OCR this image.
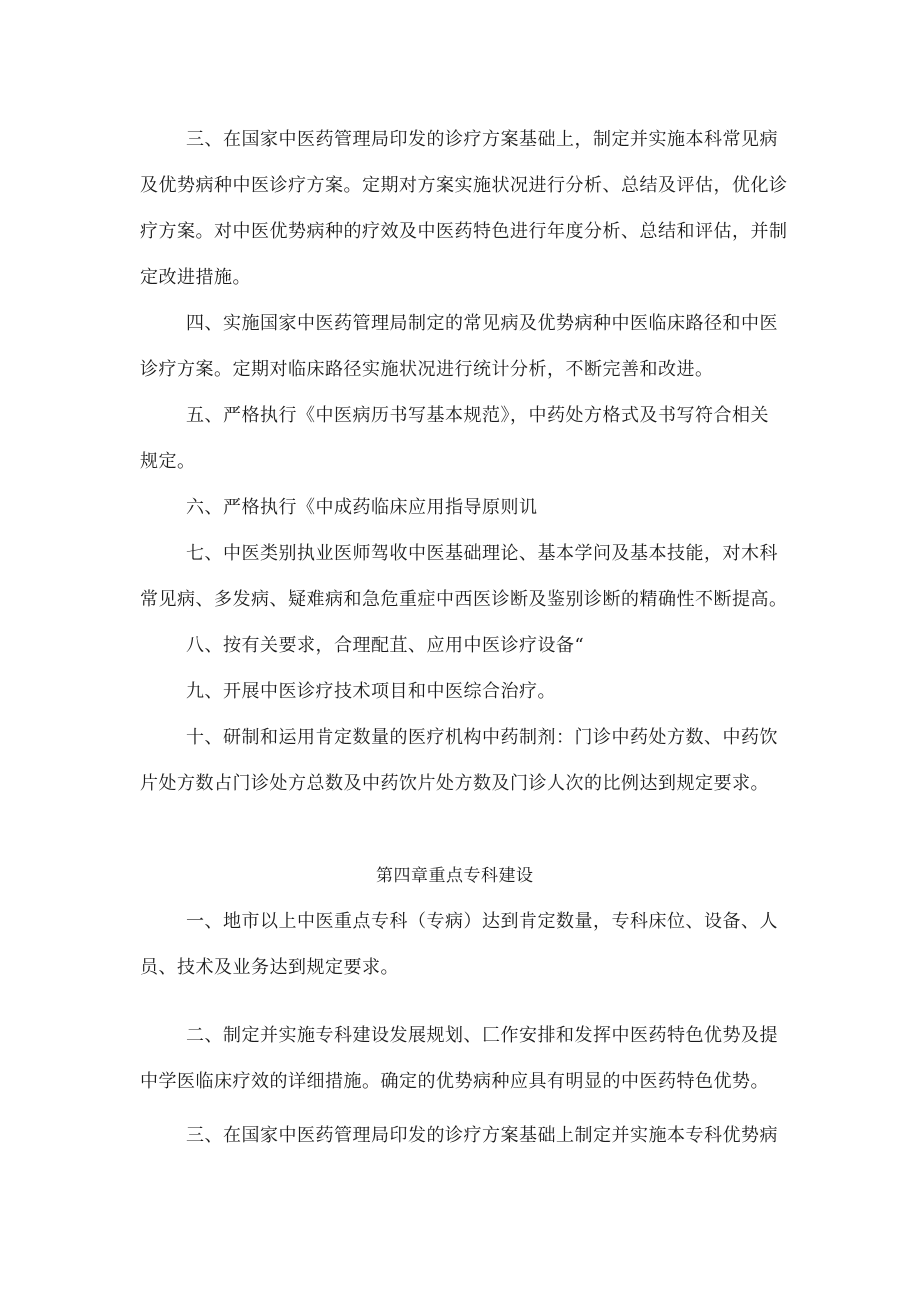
三、在国家中医药管理局印发的诊疗方案基础上，制定并实施本科常见病

及优势病种中医诊疗方案。定期对方案实施状况进行分析、总结及评估，优化诊

疗方案。对中医优势病种的疗效及中医药特色进行年度分析、总结和评估，并制

定改进措施。

四、实施国家中医药管理局制定的常见病及优势病种中医临床路径和中医

诊疗方案。定期对临床路径实施状况进行统计分析，不断完善和改进。

五、严格执行《中医病历书写基本规范》，中药处方格式及书写符合相关

规定。

六、严格执行《中成药临床应用指导原则讥

七、中医类别执业医师驾收中医基础理论、基本学问及基本技能，对木科

常见病、多发病、疑难病和急危重症中西医诊断及鉴别诊断的精确性不断提高。

八、按有关要求，合理配苴、应用中医诊疗设备“

九、开展中医诊疗技术项目和中医综合治疗。

十、研制和运用肯定数量的医疗机构中药制剂：门诊中药处方数、中药饮

片处方数占门诊处方总数及中药饮片处方数及门诊人次的比例达到规定要求。

第四章重点专科建设

一、地市以上中医重点专科（专病）达到肯定数量，专科床位、设备、人

员、技术及业务达到规定要求。

二、制定并实施专科建设发展规划、匚作安排和发挥中医药特色优势及提

中学医临床疗效的详细措施。确定的优势病种应具有明显的中医药特色优势。

三、在国家中医药管理局印发的诊疗方案基础上制定并实施本专科优势病
